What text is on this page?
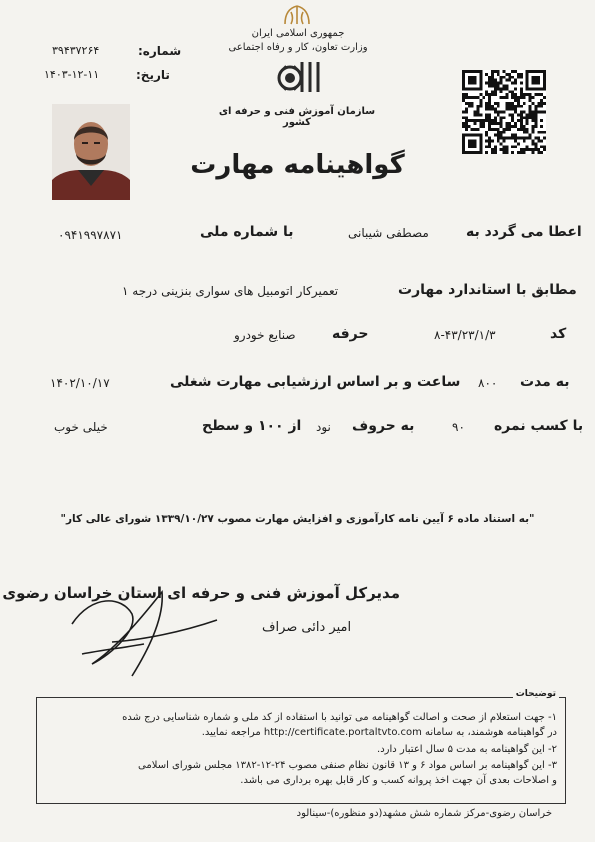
جمهوری اسلامی ایران
وزارت تعاون، کار و رفاه اجتماعی
سازمان آموزش فنی و حرفه ای کشور
شماره:
۳۹۴۳۷۲۶۴
تاریخ:
۱۴۰۳-۱۲-۱۱
گواهینامه مهارت
اعطا می گردد به
مصطفی شیبانی
با شماره ملی
۰۹۴۱۹۹۷۸۷۱
مطابق با استاندارد مهارت
تعمیرکار اتومبیل های سواری بنزینی درجه ۱
کد
۸-۴۳/۲۳/۱/۳
حرفه
صنایع خودرو
به مدت
۸۰۰
ساعت و بر اساس ارزشیابی مهارت شغلی
۱۴۰۲/۱۰/۱۷
با کسب نمره
۹۰
به حروف
نود
از ۱۰۰ و سطح
خیلی خوب
"به استناد ماده ۶ آیین نامه کارآموزی و افزایش مهارت مصوب ۱۳۳۹/۱۰/۲۷ شورای عالی کار"
مدیرکل آموزش فنی و حرفه ای استان خراسان رضوی
امیر دائی صراف
توضیحات
۱- جهت استعلام از صحت و اصالت گواهینامه می توانید با استفاده از کد ملی و شماره شناسایی درج شده
در گواهینامه هوشمند، به سامانه http://certificate.portaltvto.com مراجعه نمایید.
۲- این گواهینامه به مدت ۵ سال اعتبار دارد.
۳- این گواهینامه بر اساس مواد ۶ و ۱۳ قانون نظام صنفی مصوب ۲۴-۱۲-۱۳۸۲ مجلس شورای اسلامی
و اصلاحات بعدی آن جهت اخذ پروانه کسب و کار قابل بهره برداری می باشد.
خراسان رضوی-مرکز شماره شش مشهد(دو منظوره)-سینالود
